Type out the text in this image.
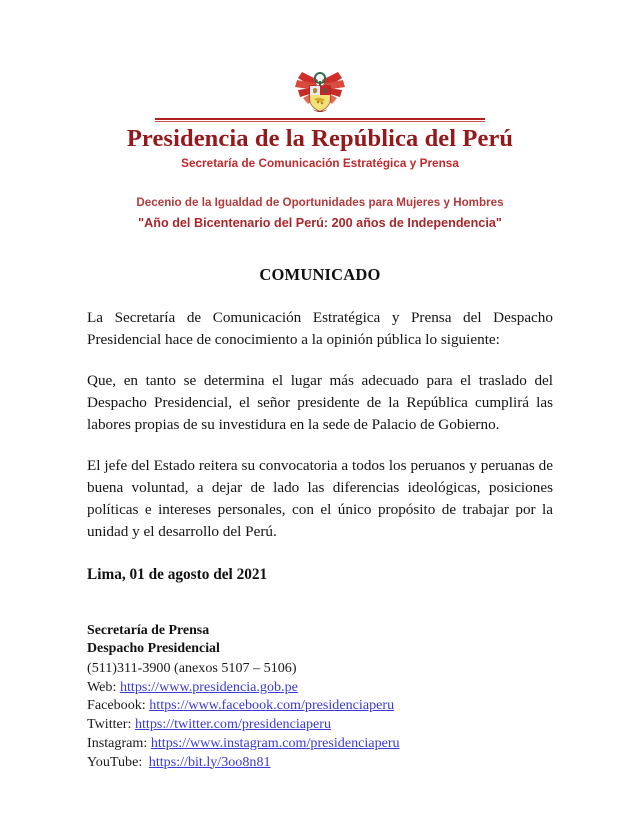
Presidencia de la República del Perú
Secretaría de Comunicación Estratégica y Prensa
Decenio de la Igualdad de Oportunidades para Mujeres y Hombres
"Año del Bicentenario del Perú: 200 años de Independencia"
COMUNICADO

La Secretaría de Comunicación Estratégica y Prensa del Despacho Presidencial hace de conocimiento a la opinión pública lo siguiente:

Que, en tanto se determina el lugar más adecuado para el traslado del Despacho Presidencial, el señor presidente de la República cumplirá las labores propias de su investidura en la sede de Palacio de Gobierno.

El jefe del Estado reitera su convocatoria a todos los peruanos y peruanas de buena voluntad, a dejar de lado las diferencias ideológicas, posiciones políticas e intereses personales, con el único propósito de trabajar por la unidad y el desarrollo del Perú.

Lima, 01 de agosto del 2021
Secretaría de Prensa
Despacho Presidencial
(511)311-3900 (anexos 5107 – 5106)
Web: https://www.presidencia.gob.pe
Facebook: https://www.facebook.com/presidenciaperu
Twitter: https://twitter.com/presidenciaperu
Instagram: https://www.instagram.com/presidenciaperu
YouTube: https://bit.ly/3oo8n81
